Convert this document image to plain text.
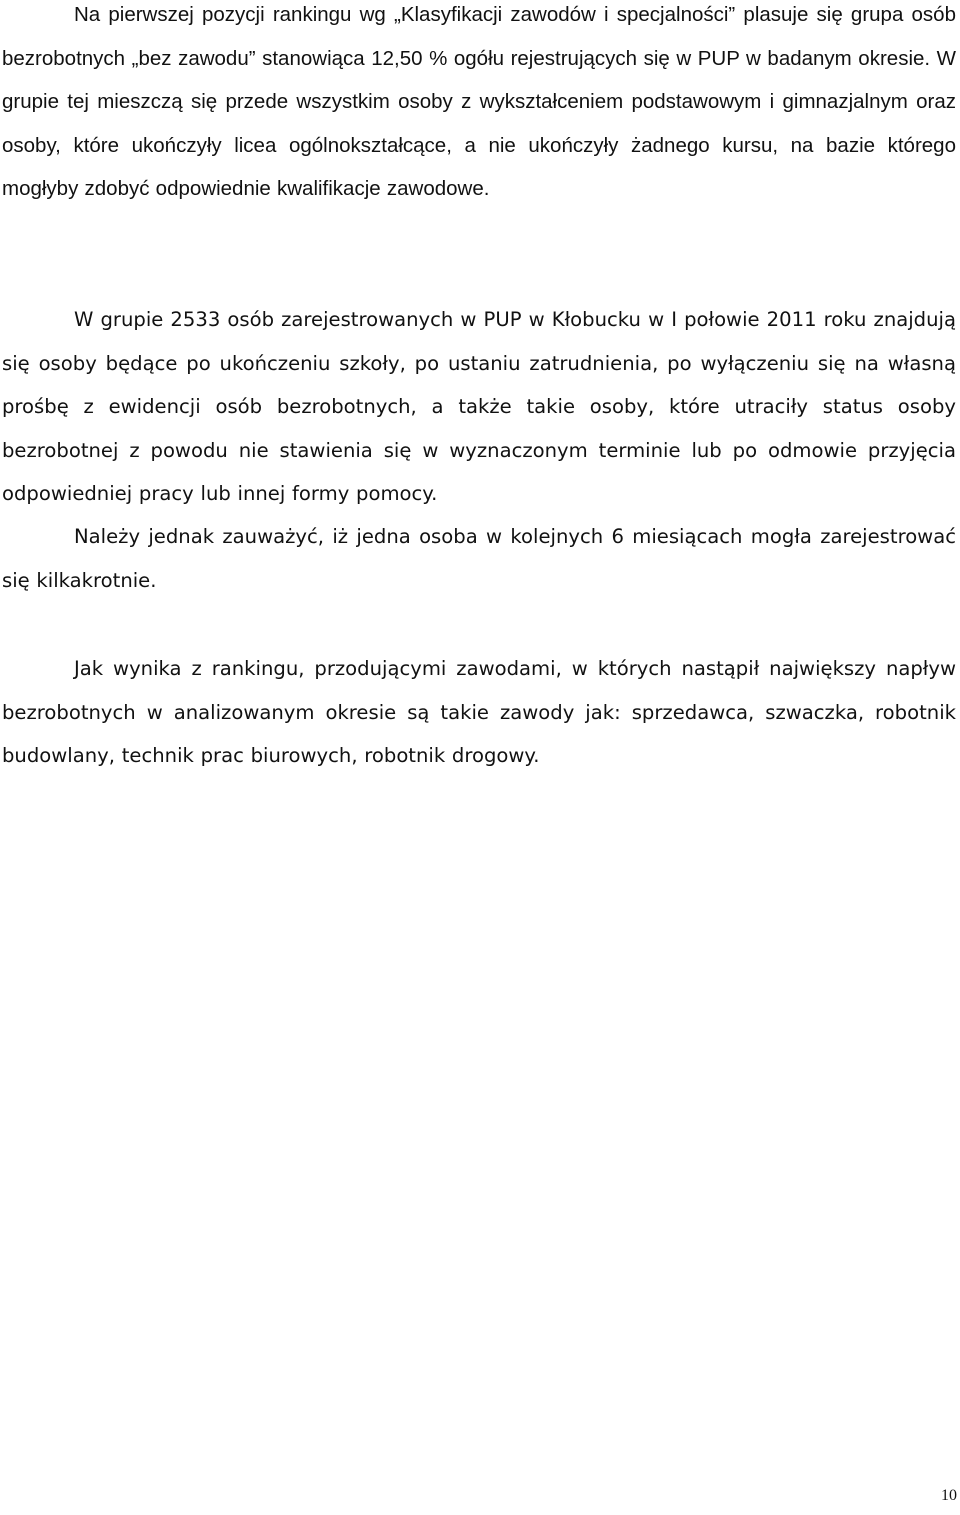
Na pierwszej pozycji rankingu wg „Klasyfikacji zawodów i specjalności” plasuje się grupa osób bezrobotnych „bez zawodu” stanowiąca 12,50 % ogółu rejestrujących się w PUP w badanym okresie. W grupie tej mieszczą się przede wszystkim osoby z wykształceniem podstawowym i gimnazjalnym oraz osoby, które ukończyły licea ogólnokształcące, a nie ukończyły żadnego kursu, na bazie którego mogłyby zdobyć odpowiednie kwalifikacje zawodowe.

W grupie 2533 osób zarejestrowanych w PUP w Kłobucku w I połowie 2011 roku znajdują się osoby będące po ukończeniu szkoły, po ustaniu zatrudnienia, po wyłączeniu się na własną prośbę z ewidencji osób bezrobotnych, a także takie osoby, które utraciły status osoby bezrobotnej z powodu nie stawienia się w wyznaczonym terminie lub po odmowie przyjęcia odpowiedniej pracy lub innej formy pomocy.

Należy jednak zauważyć, iż jedna osoba w kolejnych 6 miesiącach mogła zarejestrować się kilkakrotnie.

Jak wynika z rankingu, przodującymi zawodami, w których nastąpił największy napływ bezrobotnych w analizowanym okresie są takie zawody jak: sprzedawca, szwaczka, robotnik budowlany, technik prac biurowych, robotnik drogowy.

10
